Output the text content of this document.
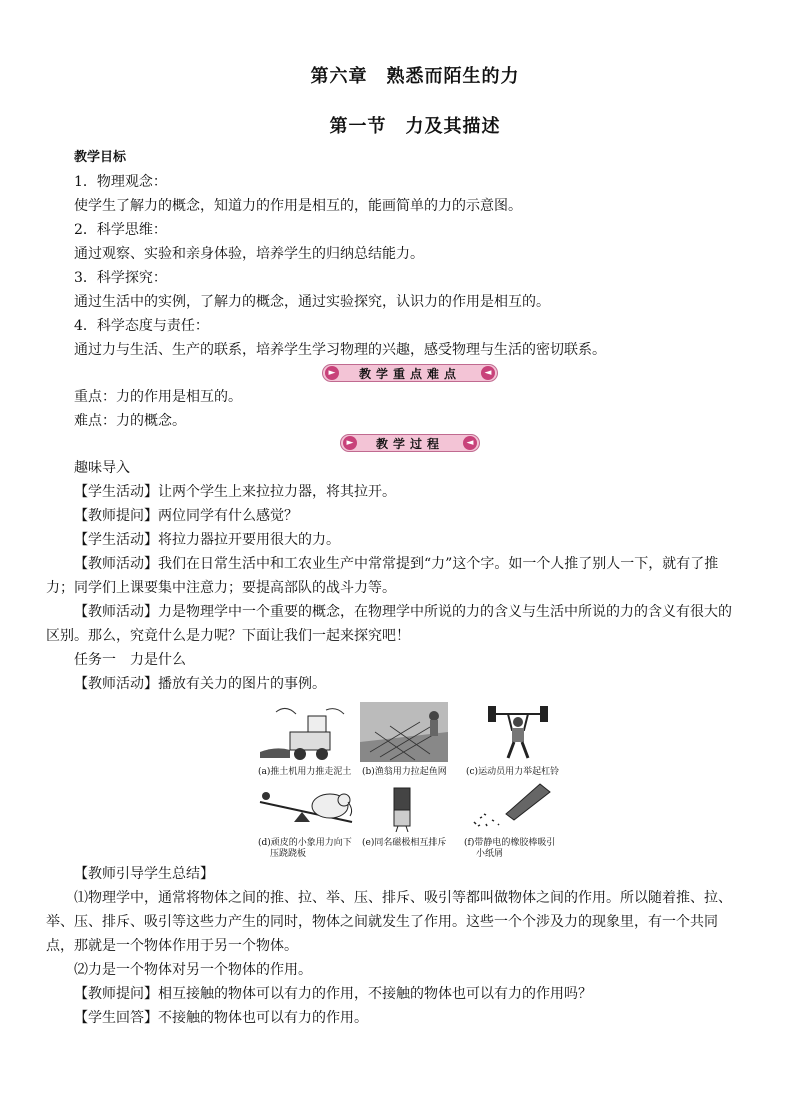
第六章　熟悉而陌生的力
第一节　力及其描述
教学目标
1．物理观念：
使学生了解力的概念，知道力的作用是相互的，能画简单的力的示意图。
2．科学思维：
通过观察、实验和亲身体验，培养学生的归纳总结能力。
3．科学探究：
通过生活中的实例，了解力的概念，通过实验探究，认识力的作用是相互的。
4．科学态度与责任：
通过力与生活、生产的联系，培养学生学习物理的兴趣，感受物理与生活的密切联系。
► 教学重点难点	◄
重点：力的作用是相互的。
难点：力的概念。
► 教学过程	◄
趣味导入
【学生活动】让两个学生上来拉拉力器，将其拉开。
【教师提问】两位同学有什么感觉？
【学生活动】将拉力器拉开要用很大的力。
【教师活动】我们在日常生活中和工农业生产中常常提到“力”这个字。如一个人推了别人一下，就有了推
力；同学们上课要集中注意力；要提高部队的战斗力等。
【教师活动】力是物理学中一个重要的概念，在物理学中所说的力的含义与生活中所说的力的含义有很大的
区别。那么，究竟什么是力呢？下面让我们一起来探究吧！
任务一　力是什么
【教师活动】播放有关力的图片的事例。
(a)推土机用力推走泥土 (b)渔翁用力拉起鱼网 (c)运动员用力举起杠铃
(d)顽皮的小象用力向下
压跷跷板
(e)同名磁极相互排斥 (f)带静电的橡胶棒吸引
小纸屑
【教师引导学生总结】
⑴物理学中，通常将物体之间的推、拉、举、压、排斥、吸引等都叫做物体之间的作用。所以随着推、拉、
举、压、排斥、吸引等这些力产生的同时，物体之间就发生了作用。这些一个个涉及力的现象里，有一个共同
点，那就是一个物体作用于另一个物体。
⑵力是一个物体对另一个物体的作用。
【教师提问】相互接触的物体可以有力的作用，不接触的物体也可以有力的作用吗？
【学生回答】不接触的物体也可以有力的作用。
